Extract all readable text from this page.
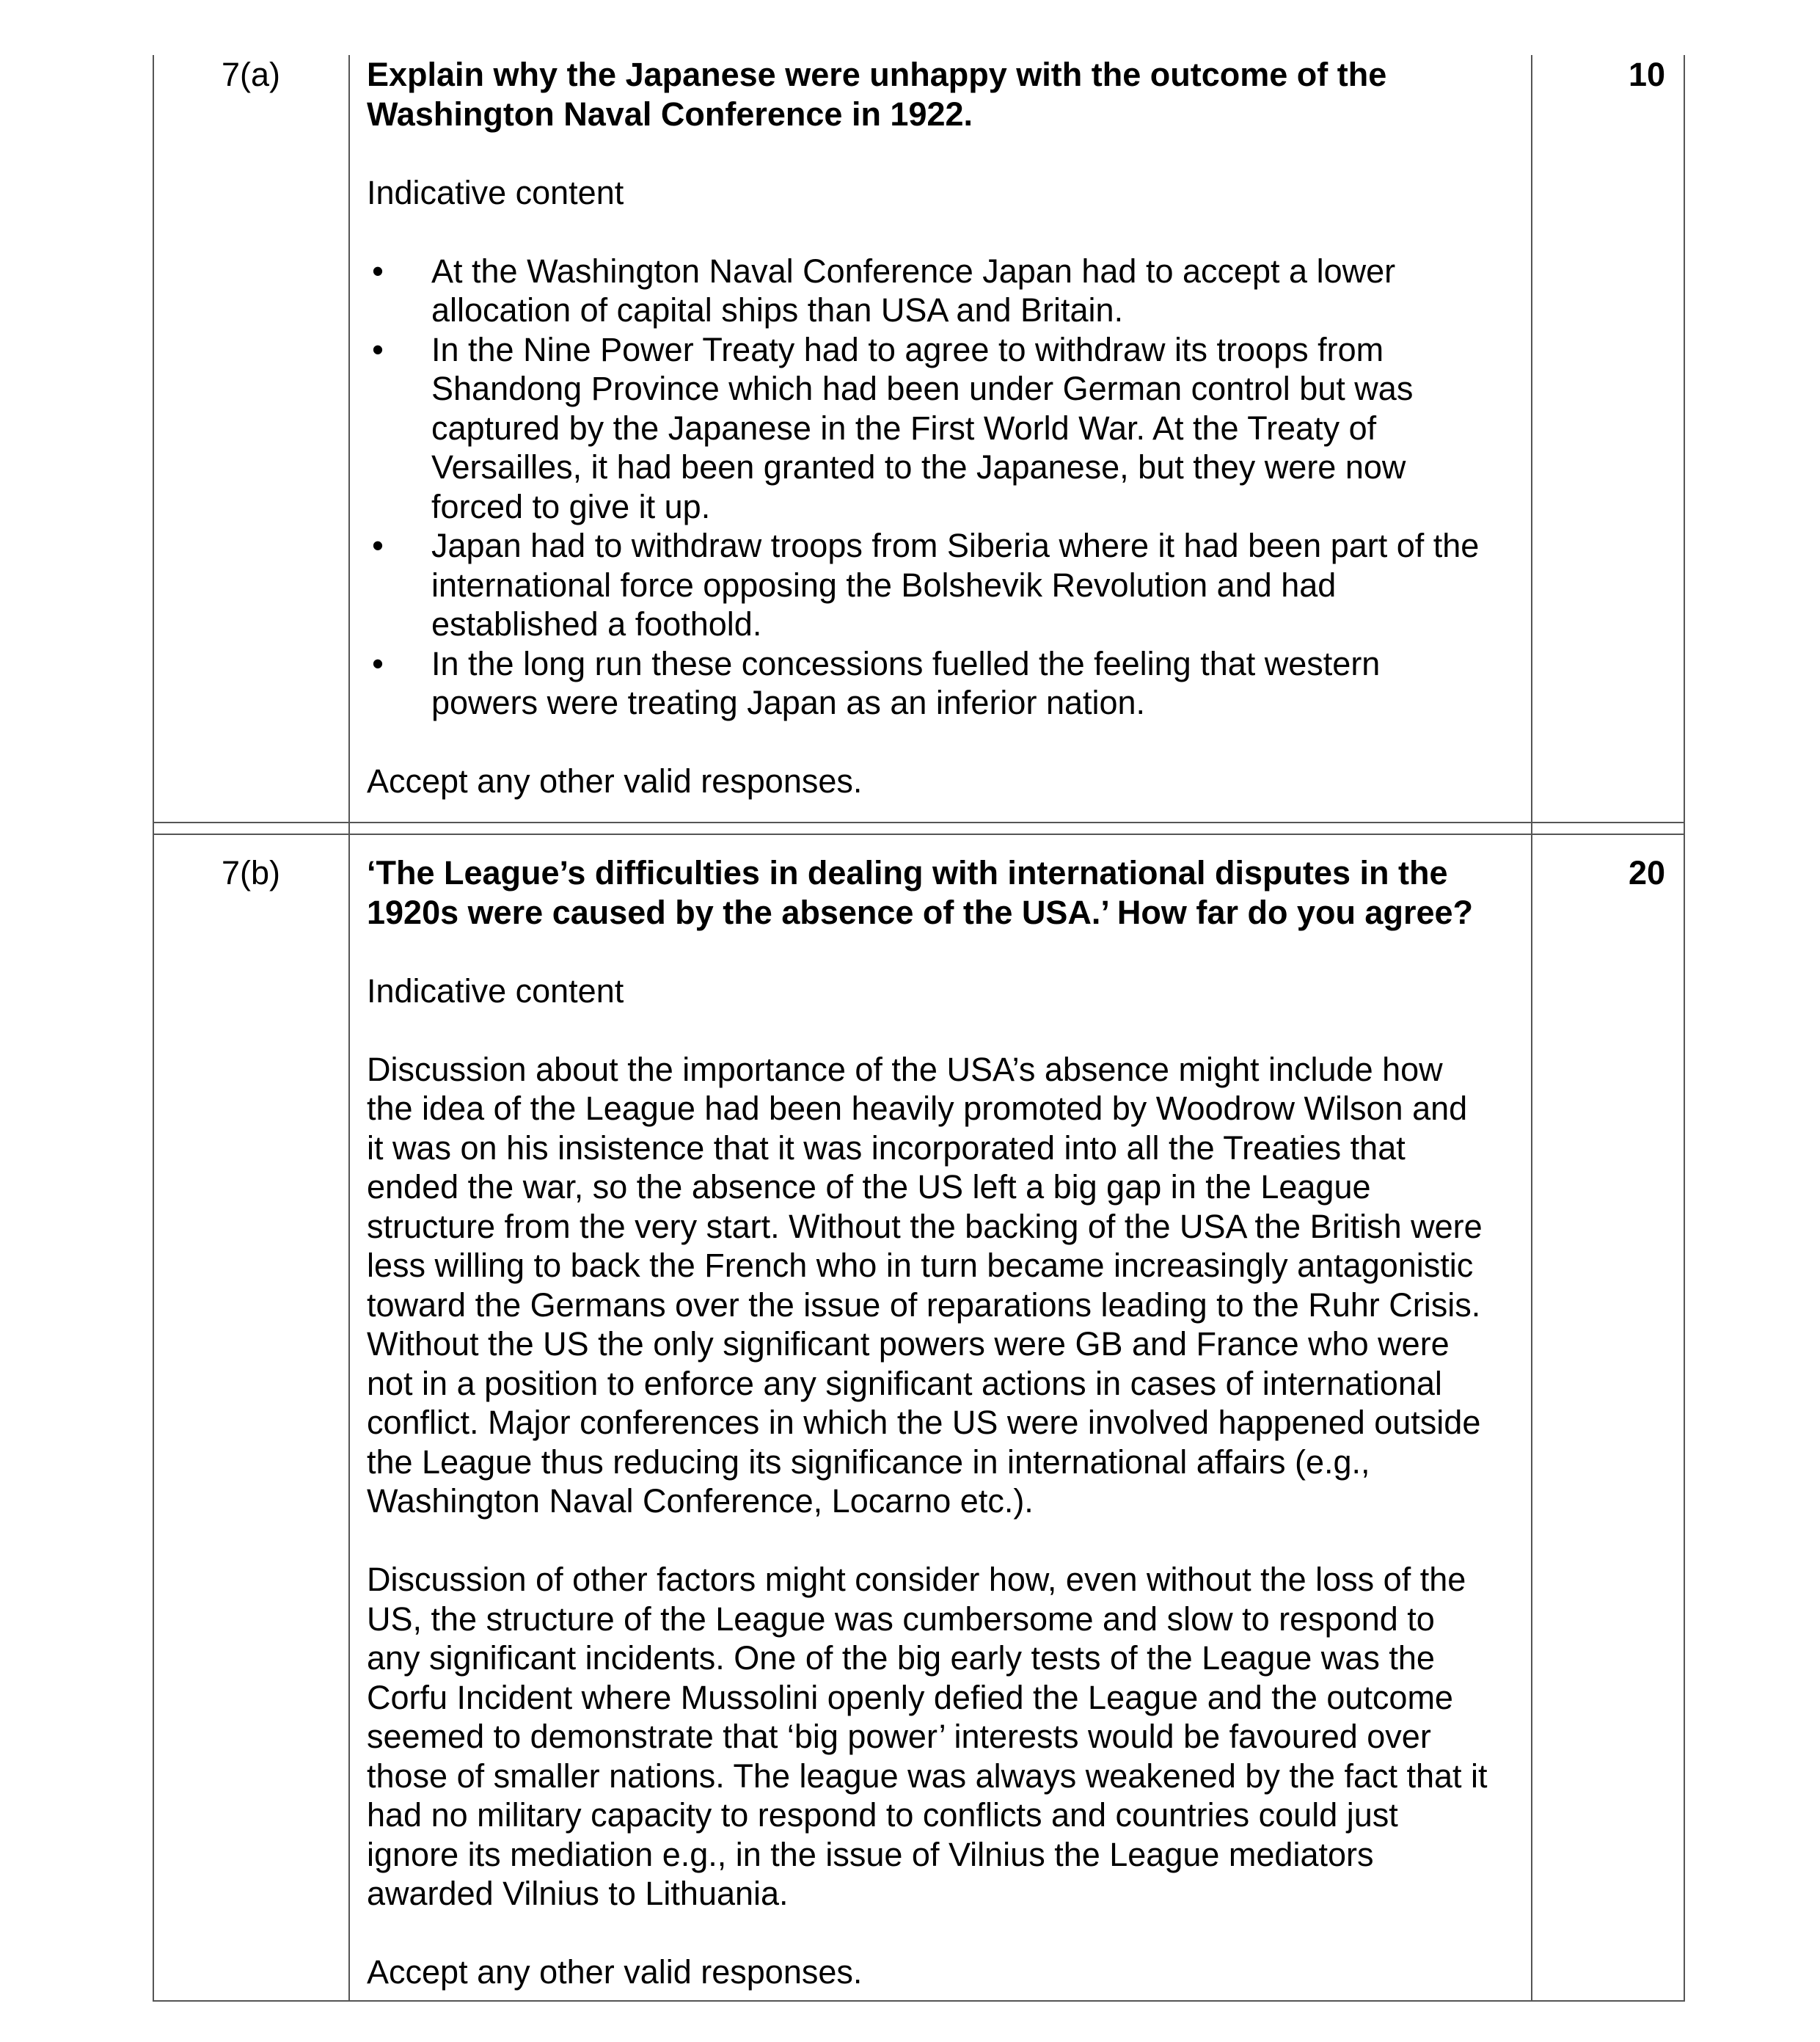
7(a)	Explain why the Japanese were unhappy with the outcome of the Washington Naval Conference in 1922.

Indicative content

• At the Washington Naval Conference Japan had to accept a lower allocation of capital ships than USA and Britain.
• In the Nine Power Treaty had to agree to withdraw its troops from Shandong Province which had been under German control but was captured by the Japanese in the First World War. At the Treaty of Versailles, it had been granted to the Japanese, but they were now forced to give it up.
• Japan had to withdraw troops from Siberia where it had been part of the international force opposing the Bolshevik Revolution and had established a foothold.
• In the long run these concessions fuelled the feeling that western powers were treating Japan as an inferior nation.

Accept any other valid responses.

10
7(b)	‘The League’s difficulties in dealing with international disputes in the 1920s were caused by the absence of the USA.’ How far do you agree?

Indicative content

Discussion about the importance of the USA’s absence might include how the idea of the League had been heavily promoted by Woodrow Wilson and it was on his insistence that it was incorporated into all the Treaties that ended the war, so the absence of the US left a big gap in the League structure from the very start. Without the backing of the USA the British were less willing to back the French who in turn became increasingly antagonistic toward the Germans over the issue of reparations leading to the Ruhr Crisis. Without the US the only significant powers were GB and France who were not in a position to enforce any significant actions in cases of international conflict. Major conferences in which the US were involved happened outside the League thus reducing its significance in international affairs (e.g., Washington Naval Conference, Locarno etc.).

Discussion of other factors might consider how, even without the loss of the US, the structure of the League was cumbersome and slow to respond to any significant incidents. One of the big early tests of the League was the Corfu Incident where Mussolini openly defied the League and the outcome seemed to demonstrate that ‘big power’ interests would be favoured over those of smaller nations. The league was always weakened by the fact that it had no military capacity to respond to conflicts and countries could just ignore its mediation e.g., in the issue of Vilnius the League mediators awarded Vilnius to Lithuania.

Accept any other valid responses.

20
